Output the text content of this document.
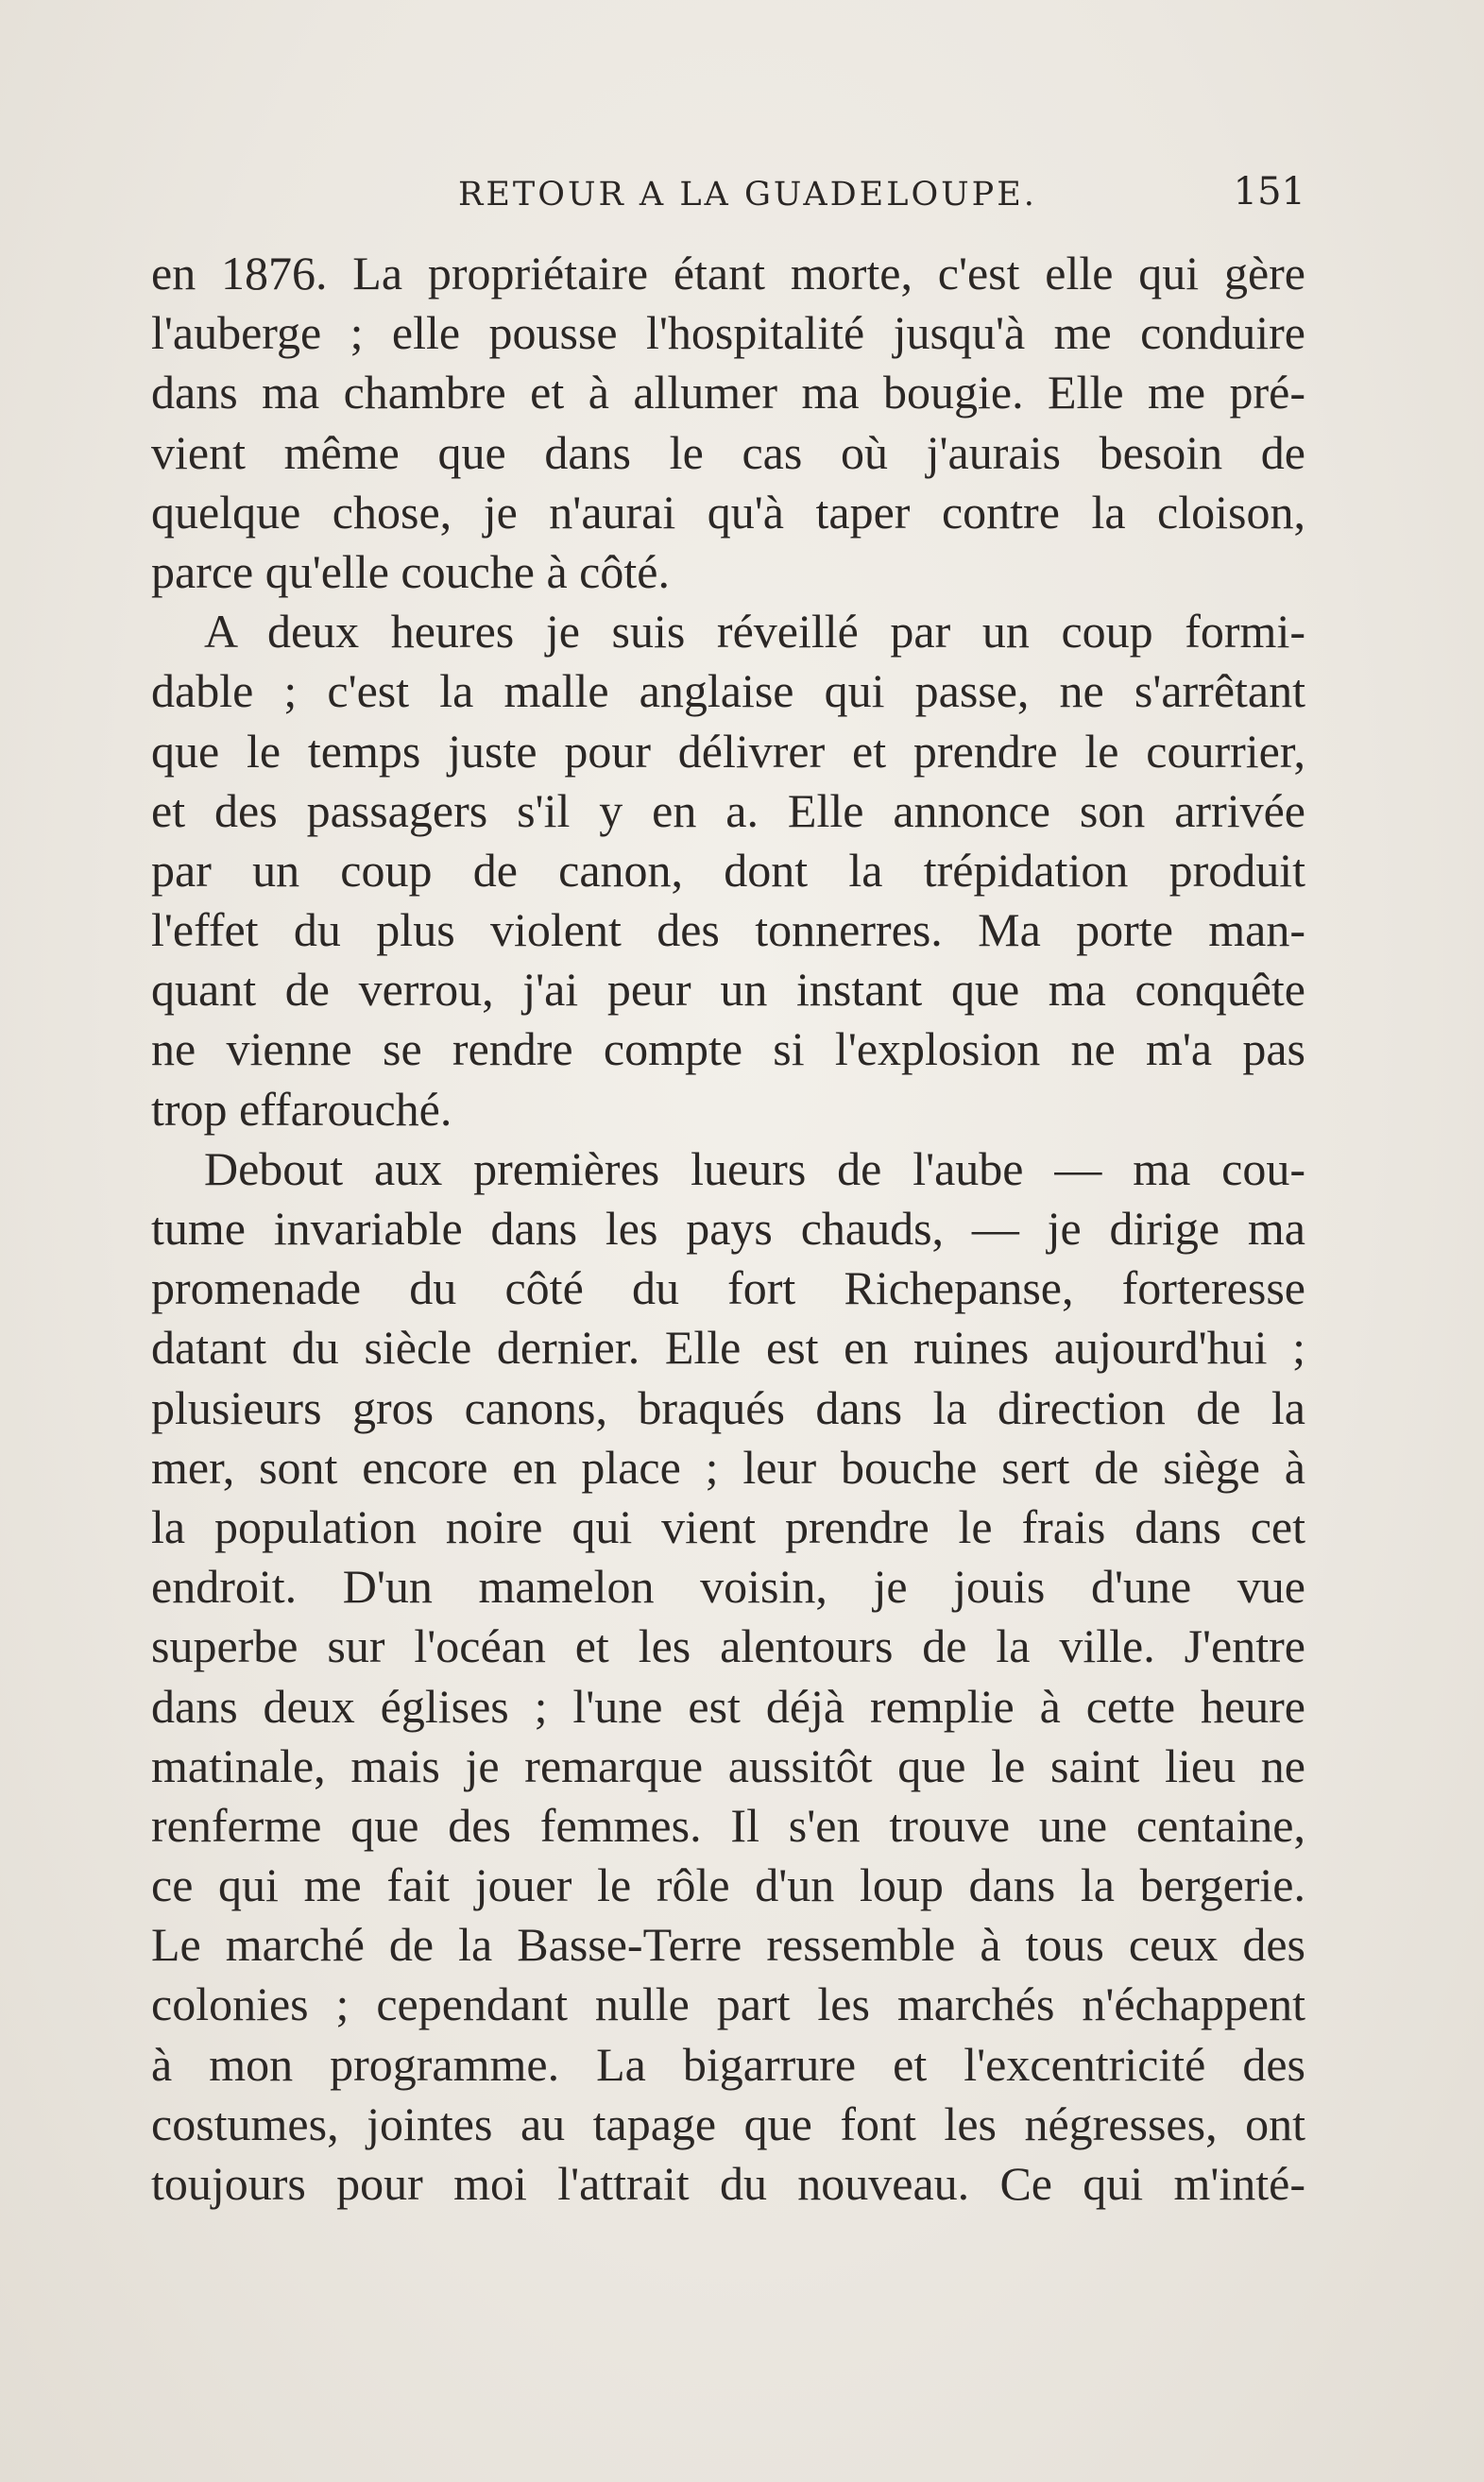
RETOUR A LA GUADELOUPE.	151

en 1876. La propriétaire étant morte, c'est elle qui gère
l'auberge ; elle pousse l'hospitalité jusqu'à me conduire
dans ma chambre et à allumer ma bougie. Elle me pré-
vient même que dans le cas où j'aurais besoin de
quelque chose, je n'aurai qu'à taper contre la cloison,
parce qu'elle couche à côté.

A deux heures je suis réveillé par un coup formi-
dable ; c'est la malle anglaise qui passe, ne s'arrêtant
que le temps juste pour délivrer et prendre le courrier,
et des passagers s'il y en a. Elle annonce son arrivée
par un coup de canon, dont la trépidation produit
l'effet du plus violent des tonnerres. Ma porte man-
quant de verrou, j'ai peur un instant que ma conquête
ne vienne se rendre compte si l'explosion ne m'a pas
trop effarouché.

Debout aux premières lueurs de l'aube — ma cou-
tume invariable dans les pays chauds, — je dirige ma
promenade du côté du fort Richepanse, forteresse
datant du siècle dernier. Elle est en ruines aujourd'hui ;
plusieurs gros canons, braqués dans la direction de la
mer, sont encore en place ; leur bouche sert de siège à
la population noire qui vient prendre le frais dans cet
endroit. D'un mamelon voisin, je jouis d'une vue
superbe sur l'océan et les alentours de la ville. J'entre
dans deux églises ; l'une est déjà remplie à cette heure
matinale, mais je remarque aussitôt que le saint lieu ne
renferme que des femmes. Il s'en trouve une centaine,
ce qui me fait jouer le rôle d'un loup dans la bergerie.
Le marché de la Basse-Terre ressemble à tous ceux des
colonies ; cependant nulle part les marchés n'échappent
à mon programme. La bigarrure et l'excentricité des
costumes, jointes au tapage que font les négresses, ont
toujours pour moi l'attrait du nouveau. Ce qui m'inté-
